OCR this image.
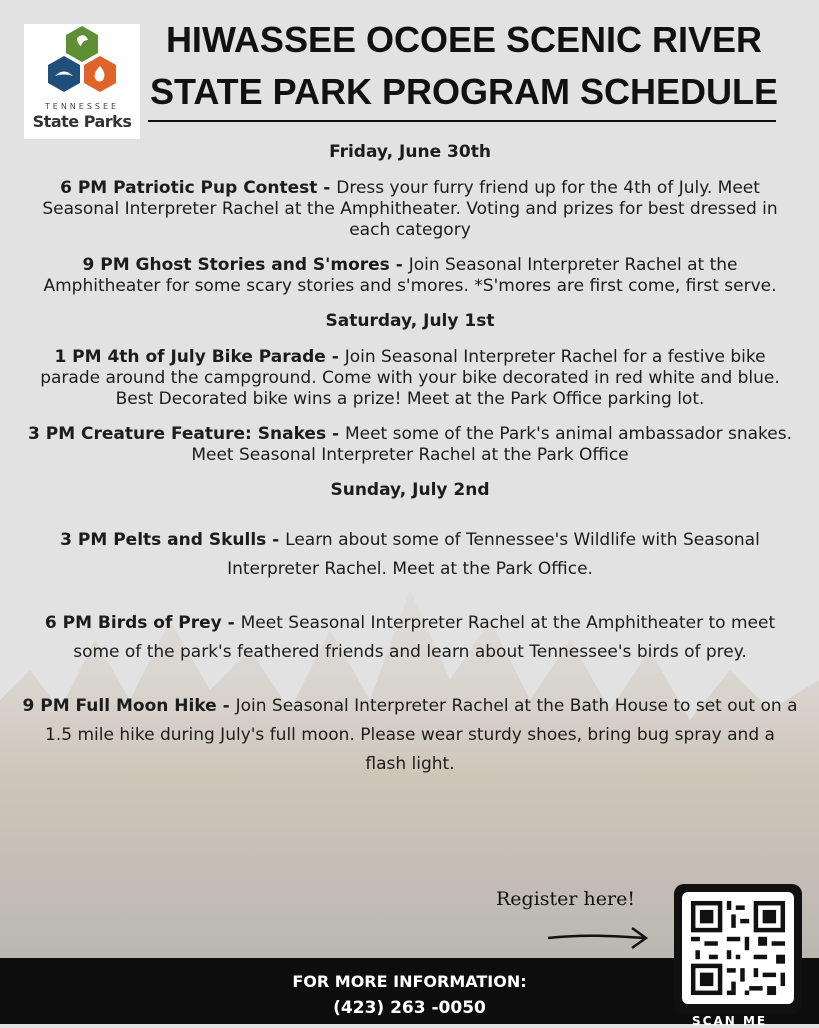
TENNESSEE
State Parks
HIWASSEE OCOEE SCENIC RIVER
STATE PARK PROGRAM SCHEDULE
Friday, June 30th
6 PM Patriotic Pup Contest - Dress your furry friend up for the 4th of July. Meet Seasonal Interpreter Rachel at the Amphitheater. Voting and prizes for best dressed in each category
9 PM Ghost Stories and S'mores - Join Seasonal Interpreter Rachel at the Amphitheater for some scary stories and s'mores. *S'mores are first come, first serve.
Saturday, July 1st
1 PM 4th of July Bike Parade - Join Seasonal Interpreter Rachel for a festive bike parade around the campground. Come with your bike decorated in red white and blue. Best Decorated bike wins a prize! Meet at the Park Office parking lot.
3 PM Creature Feature: Snakes - Meet some of the Park's animal ambassador snakes. Meet Seasonal Interpreter Rachel at the Park Office
Sunday, July 2nd
3 PM Pelts and Skulls - Learn about some of Tennessee's Wildlife with Seasonal Interpreter Rachel. Meet at the Park Office.
6 PM Birds of Prey - Meet Seasonal Interpreter Rachel at the Amphitheater to meet some of the park's feathered friends and learn about Tennessee's birds of prey.
9 PM Full Moon Hike - Join Seasonal Interpreter Rachel at the Bath House to set out on a 1.5 mile hike during July's full moon. Please wear sturdy shoes, bring bug spray and a flash light.
Register here!
SCAN ME
FOR MORE INFORMATION:
(423) 263 -0050
